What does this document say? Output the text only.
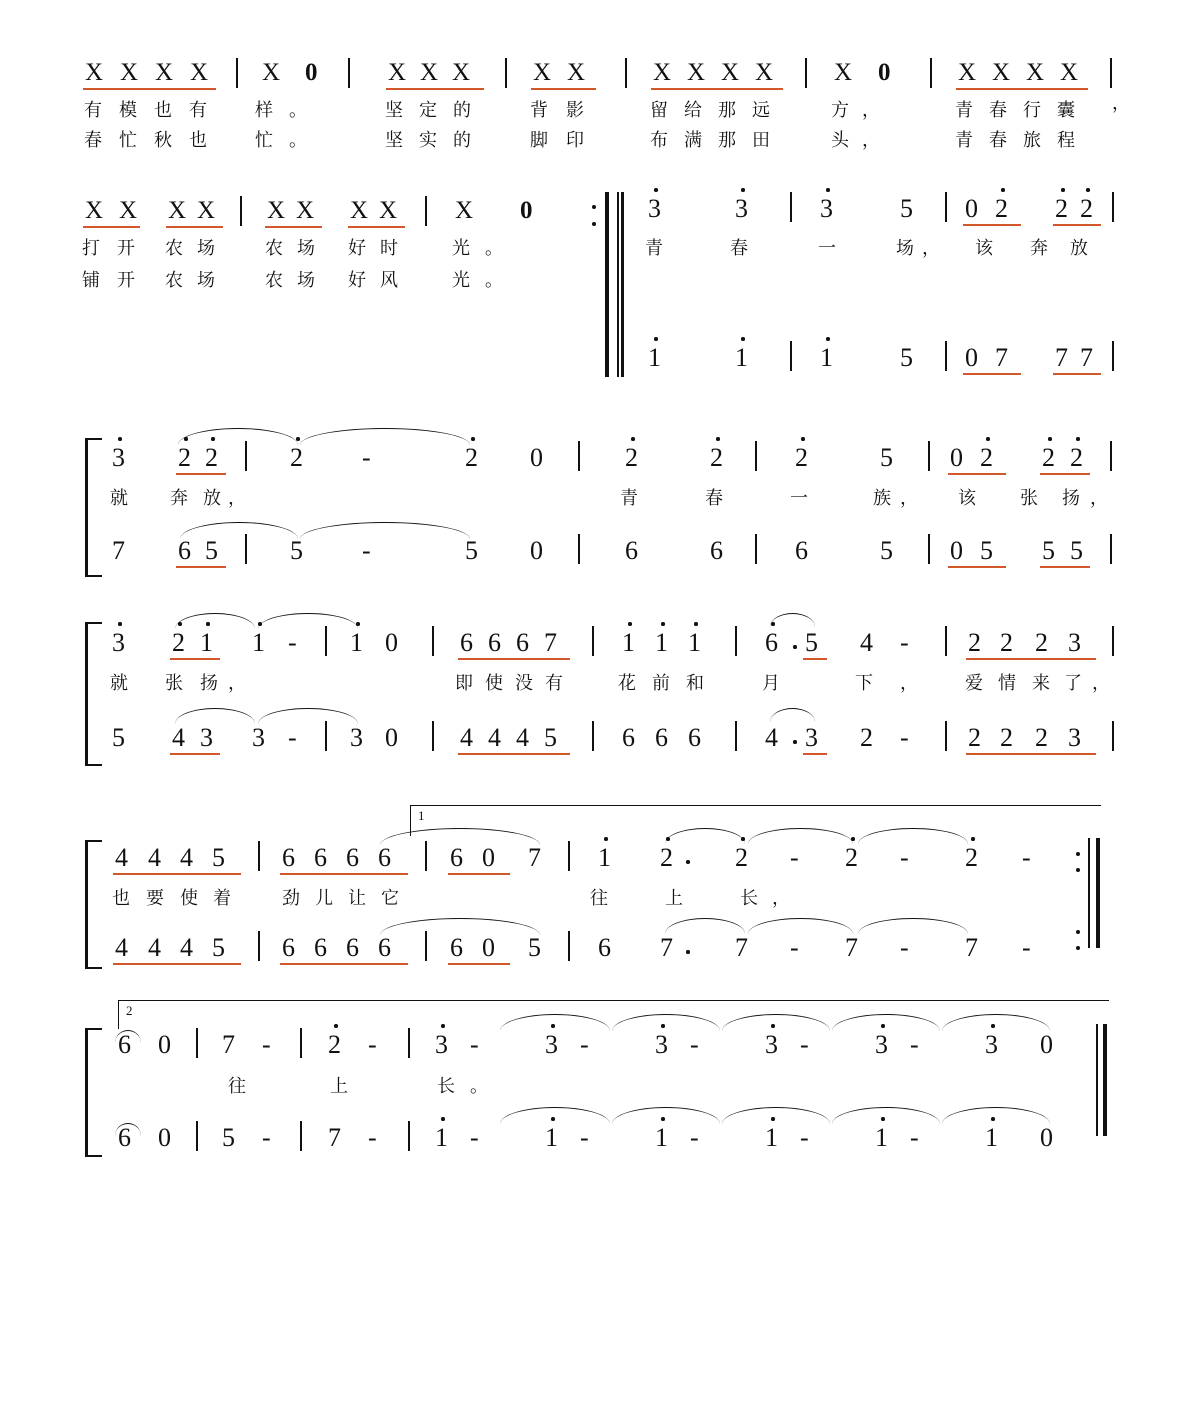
X X X X X 0	X X X	X X	X X X X X 0	X X X X
，
有 模 也 有	样 。	坚 定 的	背 影	留 给 那 远	方 ，	青 春 行 囊
春 忙 秋 也	忙 。	坚 实 的	脚 印	布 满 那 田	头 ，	青 春 旅 程
X X X X X X X X X 0	3	3	3	5 0 2 2 2
打 开 农 场	农 场 好 时	光 。	青	春	一	场 ， 该 奔 放
铺 开 农 场	农 场 好 风	光 。
1	1	1	5 0 7 7 7
3 2 2	2 -	2 0	2	2	2	5 0 2 2 2
就 奔 放 ，	青	春	一	族 ， 该 张 扬 ，
7 6 5	5 -	5 0	6	6	6	5 0 5 5 5
3 2 1 1 - 1 0 6 6 6 7	1 1 1 6 5 4 - 2 2 2 3
就 张 扬 ，	即 使 没 有	花 前 和	月	下 ，	爱 情 来 了 ，
5 4 3 3 - 3 0 4 4 4 5	6 6 6 4 3 2 - 2 2 2 3
1
4 4 4 5 6 6 6 6 6 0 7 1 2 2 - 2 - 2 -
也 要 使 着	劲 儿 让 它	往	上	长 ，
4 4 4 5 6 6 6 6 6 0 5 6 7 7 - 7 - 7 -
2
6 0 7 - 2 - 3 -	3 -	3 -	3 -	3 -	3 0
往	上	长 。
6 0 5 - 7 - 1 -	1 -	1 -	1 -	1 -	1 0
